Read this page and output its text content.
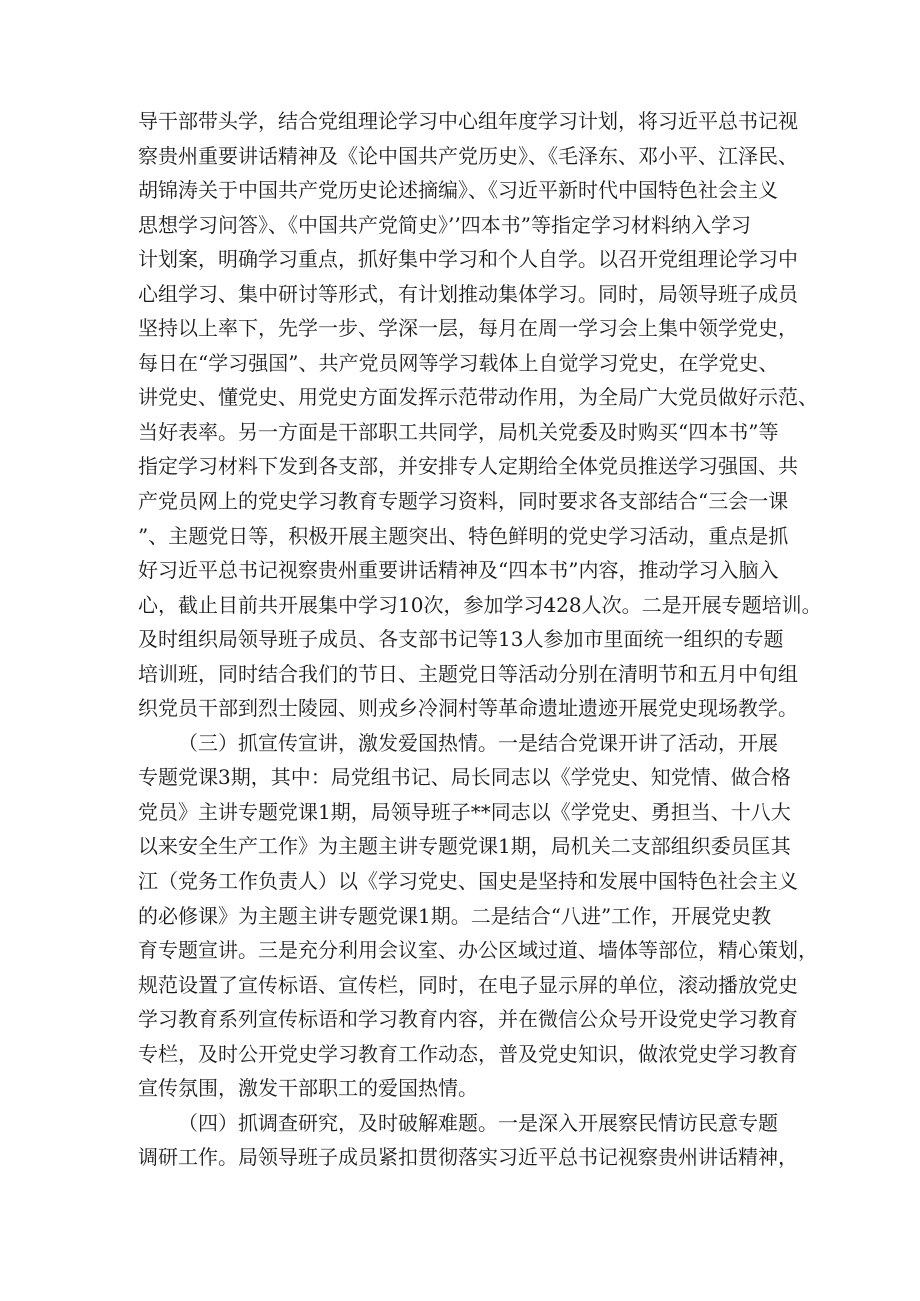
导干部带头学，结合党组理论学习中心组年度学习计划，将习近平总书记视
察贵州重要讲话精神及《论中国共产党历史》、《毛泽东、邓小平、江泽民、
胡锦涛关于中国共产党历史论述摘编》、《习近平新时代中国特色社会主义
思想学习问答》、《中国共产党简史》’’四本书”等指定学习材料纳入学习
计划案，明确学习重点，抓好集中学习和个人自学。以召开党组理论学习中
心组学习、集中研讨等形式，有计划推动集体学习。同时，局领导班子成员
坚持以上率下，先学一步、学深一层，每月在周一学习会上集中领学党史，
每日在“学习强国”、共产党员网等学习载体上自觉学习党史，在学党史、
讲党史、懂党史、用党史方面发挥示范带动作用，为全局广大党员做好示范、
当好表率。另一方面是干部职工共同学，局机关党委及时购买“四本书”等
指定学习材料下发到各支部，并安排专人定期给全体党员推送学习强国、共
产党员网上的党史学习教育专题学习资料，同时要求各支部结合“三会一课
”、主题党日等，积极开展主题突出、特色鲜明的党史学习活动，重点是抓
好习近平总书记视察贵州重要讲话精神及“四本书”内容，推动学习入脑入
心，截止目前共开展集中学习10次，参加学习428人次。二是开展专题培训。
及时组织局领导班子成员、各支部书记等13人参加市里面统一组织的专题
培训班，同时结合我们的节日、主题党日等活动分别在清明节和五月中旬组
织党员干部到烈士陵园、则戎乡冷洞村等革命遗址遗迹开展党史现场教学。
（三）抓宣传宣讲，激发爱国热情。一是结合党课开讲了活动，开展
专题党课3期，其中：局党组书记、局长同志以《学党史、知党情、做合格
党员》主讲专题党课1期，局领导班子**同志以《学党史、勇担当、十八大
以来安全生产工作》为主题主讲专题党课1期，局机关二支部组织委员匡其
江（党务工作负责人）以《学习党史、国史是坚持和发展中国特色社会主义
的必修课》为主题主讲专题党课1期。二是结合“八进”工作，开展党史教
育专题宣讲。三是充分利用会议室、办公区域过道、墙体等部位，精心策划，
规范设置了宣传标语、宣传栏，同时，在电子显示屏的单位，滚动播放党史
学习教育系列宣传标语和学习教育内容，并在微信公众号开设党史学习教育
专栏，及时公开党史学习教育工作动态，普及党史知识，做浓党史学习教育
宣传氛围，激发干部职工的爱国热情。
（四）抓调查研究，及时破解难题。一是深入开展察民情访民意专题
调研工作。局领导班子成员紧扣贯彻落实习近平总书记视察贵州讲话精神，
